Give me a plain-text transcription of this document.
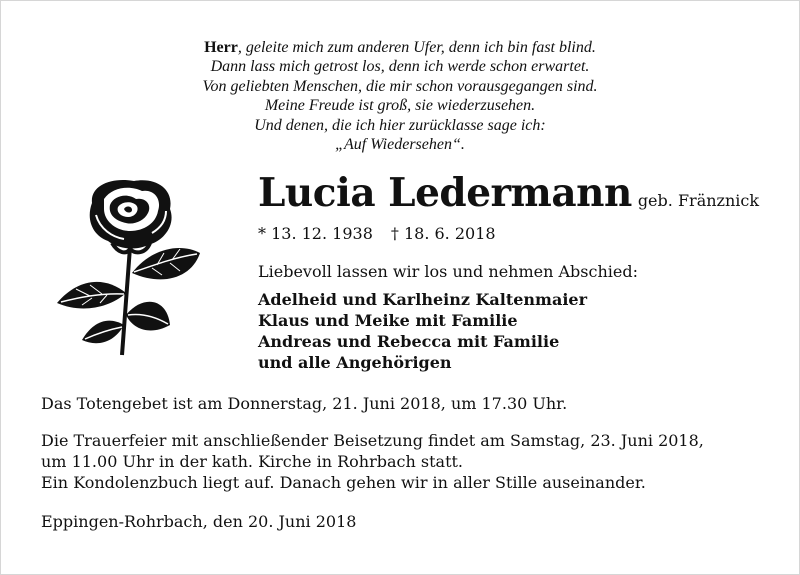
Herr, geleite mich zum anderen Ufer, denn ich bin fast blind.
Dann lass mich getrost los, denn ich werde schon erwartet.
Von geliebten Menschen, die mir schon vorausgegangen sind.
Meine Freude ist groß, sie wiederzusehen.
Und denen, die ich hier zurücklasse sage ich:
„Auf Wiedersehen“.
Lucia Ledermann geb. Fränznick
* 13. 12. 1938 † 18. 6. 2018
Liebevoll lassen wir los und nehmen Abschied:
Adelheid und Karlheinz Kaltenmaier
Klaus und Meike mit Familie
Andreas und Rebecca mit Familie
und alle Angehörigen
Das Totengebet ist am Donnerstag, 21. Juni 2018, um 17.30 Uhr.
Die Trauerfeier mit anschließender Beisetzung findet am Samstag, 23. Juni 2018,
um 11.00 Uhr in der kath. Kirche in Rohrbach statt.
Ein Kondolenzbuch liegt auf. Danach gehen wir in aller Stille auseinander.
Eppingen-Rohrbach, den 20. Juni 2018
